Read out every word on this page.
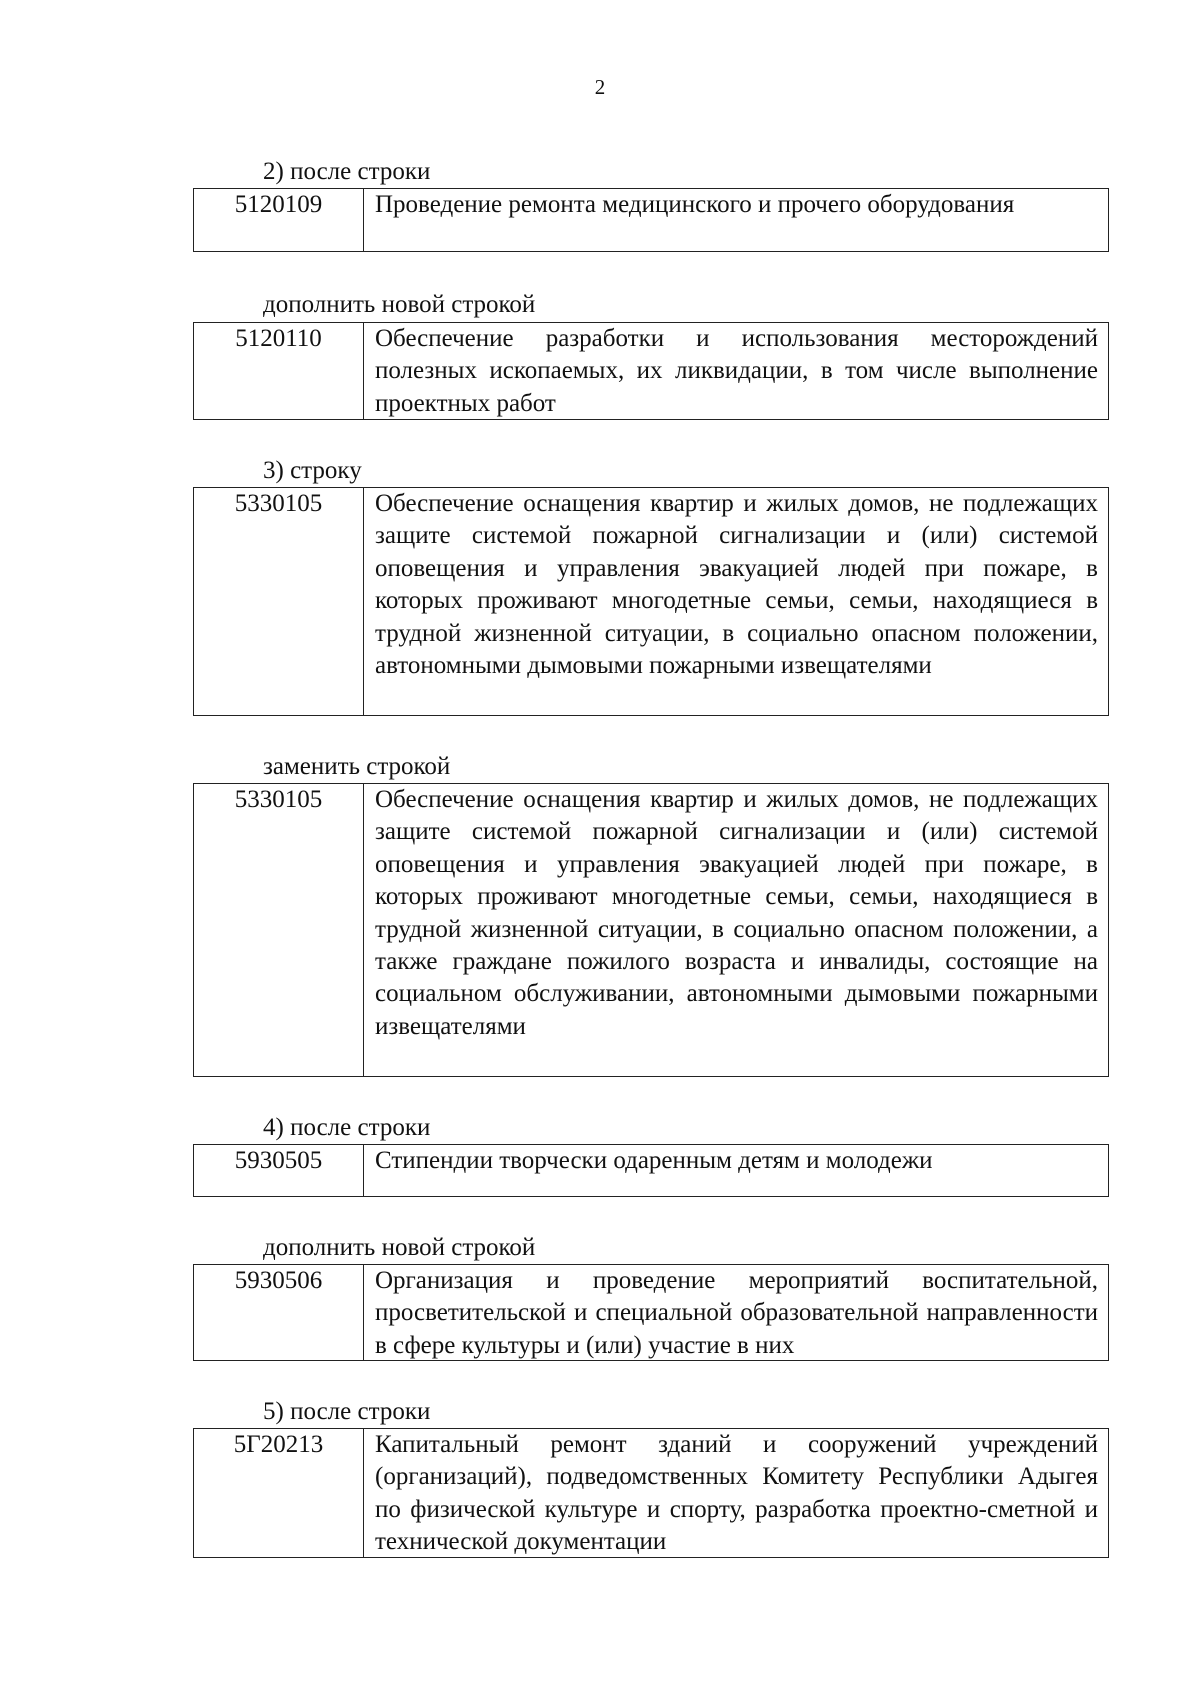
2
2) после строки
5120109	Проведение ремонта медицинского и прочего оборудования
дополнить новой строкой
5120110	Обеспечение разработки и использования месторождений полезных ископаемых, их ликвидации, в том числе выполнение проектных работ
3) строку
5330105	Обеспечение оснащения квартир и жилых домов, не подлежащих защите системой пожарной сигнализации и (или) системой оповещения и управления эвакуацией людей при пожаре, в которых проживают многодетные семьи, семьи, находящиеся в трудной жизненной ситуации, в социально опасном положении, автономными дымовыми пожарными извещателями
заменить строкой
5330105	Обеспечение оснащения квартир и жилых домов, не подлежащих защите системой пожарной сигнализации и (или) системой оповещения и управления эвакуацией людей при пожаре, в которых проживают многодетные семьи, семьи, находящиеся в трудной жизненной ситуации, в социально опасном положении, а также граждане пожилого возраста и инвалиды, состоящие на социальном обслуживании, автономными дымовыми пожарными извещателями
4) после строки
5930505	Стипендии творчески одаренным детям и молодежи
дополнить новой строкой
5930506	Организация и проведение мероприятий воспитательной, просветительской и специальной образовательной направленности в сфере культуры и (или) участие в них
5) после строки
5Г20213	Капитальный ремонт зданий и сооружений учреждений (организаций), подведомственных Комитету Республики Адыгея по физической культуре и спорту, разработка проектно-сметной и технической документации
